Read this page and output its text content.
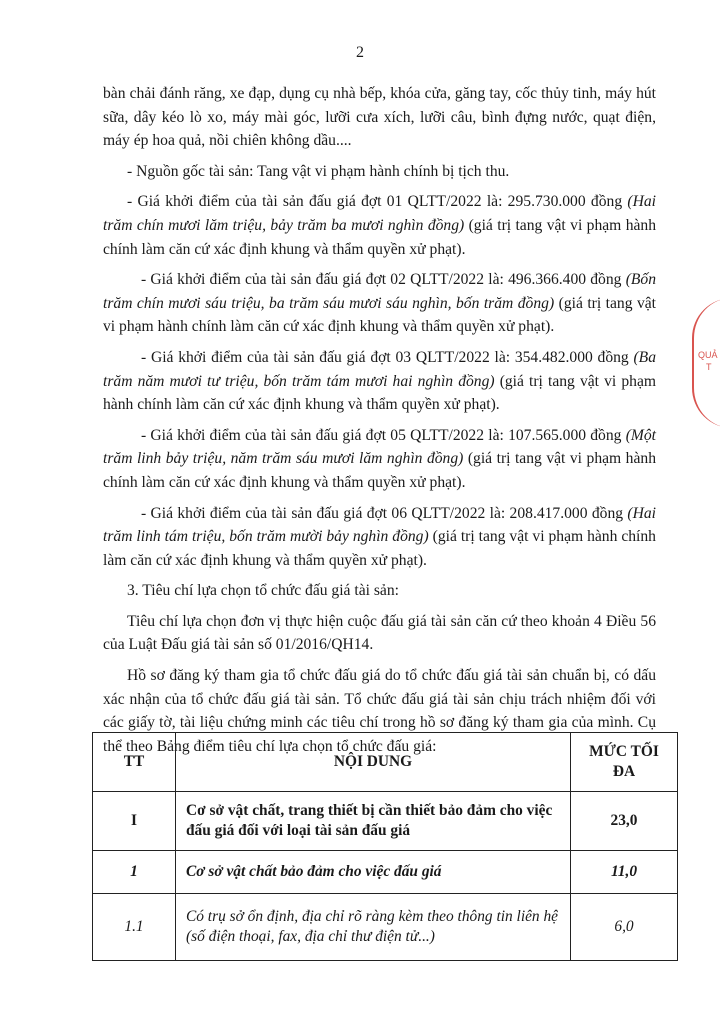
2

bàn chải đánh răng, xe đạp, dụng cụ nhà bếp, khóa cửa, găng tay, cốc thủy tinh, máy hút sữa, dây kéo lò xo, máy mài góc, lưỡi cưa xích, lưỡi câu, bình đựng nước, quạt điện, máy ép hoa quả, nồi chiên không dầu....

- Nguồn gốc tài sản: Tang vật vi phạm hành chính bị tịch thu.

- Giá khởi điểm của tài sản đấu giá đợt 01 QLTT/2022 là: 295.730.000 đồng (Hai trăm chín mươi lăm triệu, bảy trăm ba mươi nghìn đồng) (giá trị tang vật vi phạm hành chính làm căn cứ xác định khung và thẩm quyền xử phạt).

- Giá khởi điểm của tài sản đấu giá đợt 02 QLTT/2022 là: 496.366.400 đồng (Bốn trăm chín mươi sáu triệu, ba trăm sáu mươi sáu nghìn, bốn trăm đồng) (giá trị tang vật vi phạm hành chính làm căn cứ xác định khung và thẩm quyền xử phạt).

- Giá khởi điểm của tài sản đấu giá đợt 03 QLTT/2022 là: 354.482.000 đồng (Ba trăm năm mươi tư triệu, bốn trăm tám mươi hai nghìn đồng) (giá trị tang vật vi phạm hành chính làm căn cứ xác định khung và thẩm quyền xử phạt).

- Giá khởi điểm của tài sản đấu giá đợt 05 QLTT/2022 là: 107.565.000 đồng (Một trăm linh bảy triệu, năm trăm sáu mươi lăm nghìn đồng) (giá trị tang vật vi phạm hành chính làm căn cứ xác định khung và thẩm quyền xử phạt).

- Giá khởi điểm của tài sản đấu giá đợt 06 QLTT/2022 là: 208.417.000 đồng (Hai trăm linh tám triệu, bốn trăm mười bảy nghìn đồng) (giá trị tang vật vi phạm hành chính làm căn cứ xác định khung và thẩm quyền xử phạt).

3. Tiêu chí lựa chọn tổ chức đấu giá tài sản:

Tiêu chí lựa chọn đơn vị thực hiện cuộc đấu giá tài sản căn cứ theo khoản 4 Điều 56 của Luật Đấu giá tài sản số 01/2016/QH14.

Hồ sơ đăng ký tham gia tổ chức đấu giá do tổ chức đấu giá tài sản chuẩn bị, có dấu xác nhận của tổ chức đấu giá tài sản. Tổ chức đấu giá tài sản chịu trách nhiệm đối với các giấy tờ, tài liệu chứng minh các tiêu chí trong hồ sơ đăng ký tham gia của mình. Cụ thể theo Bảng điểm tiêu chí lựa chọn tổ chức đấu giá:

TT	NỘI DUNG	MỨC TỐI ĐA
I	Cơ sở vật chất, trang thiết bị cần thiết bảo đảm cho việc đấu giá đối với loại tài sản đấu giá	23,0
1	Cơ sở vật chất bảo đảm cho việc đấu giá	11,0
1.1	Có trụ sở ổn định, địa chỉ rõ ràng kèm theo thông tin liên hệ (số điện thoại, fax, địa chỉ thư điện tử...)	6,0
QUẢ
T
